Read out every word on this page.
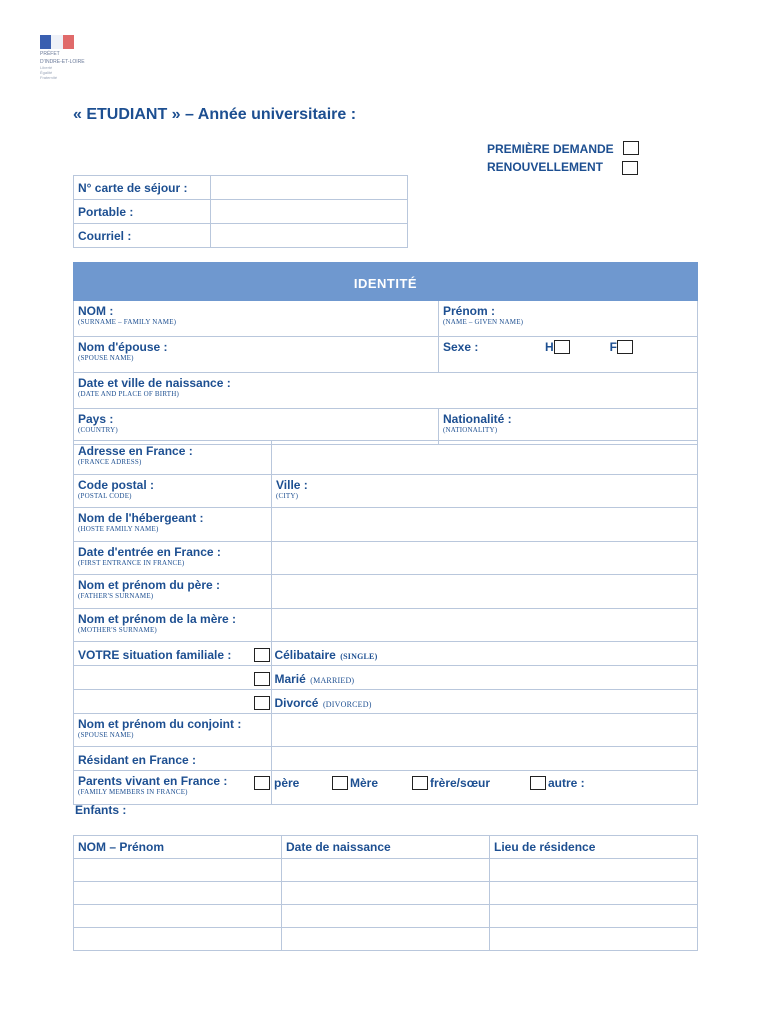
PRÉFET
D'INDRE-ET-LOIRE
Liberté
Égalité
Fraternité
« ETUDIANT » – Année universitaire :
PREMIÈRE DEMANDE
RENOUVELLEMENT
N° carte de séjour :	

Portable :	

Courriel :	

IDENTITÉ	

NOM :
(SURNAME – FAMILY NAME)	Prénom :
(NAME – GIVEN NAME)

Nom d'épouse :
(SPOUSE NAME)	Sexe : H F

Date et ville de naissance :
(DATE AND PLACE OF BIRTH)	

Pays :
(COUNTRY)	Nationalité :
(NATIONALITY)
Adresse en France :
(FRANCE ADRESS)	

Code postal :
(POSTAL CODE)	Ville :
(CITY)

Nom de l'hébergeant :
(HOSTE FAMILY NAME)	

Date d'entrée en France :
(FIRST ENTRANCE IN FRANCE)	

Nom et prénom du père :
(FATHER'S SURNAME)	

Nom et prénom de la mère :
(MOTHER'S SURNAME)	

VOTRE situation familiale :	Célibataire (SINGLE)
	Marié (MARRIED)
	Divorcé (DIVORCED)

Nom et prénom du conjoint :
(SPOUSE NAME)	

Résidant en France :	

Parents vivant en France :
(FAMILY MEMBERS IN FRANCE)	père Mère frère/sœur autre :
Enfants :
NOM – Prénom	Date de naissance	Lieu de résidence
